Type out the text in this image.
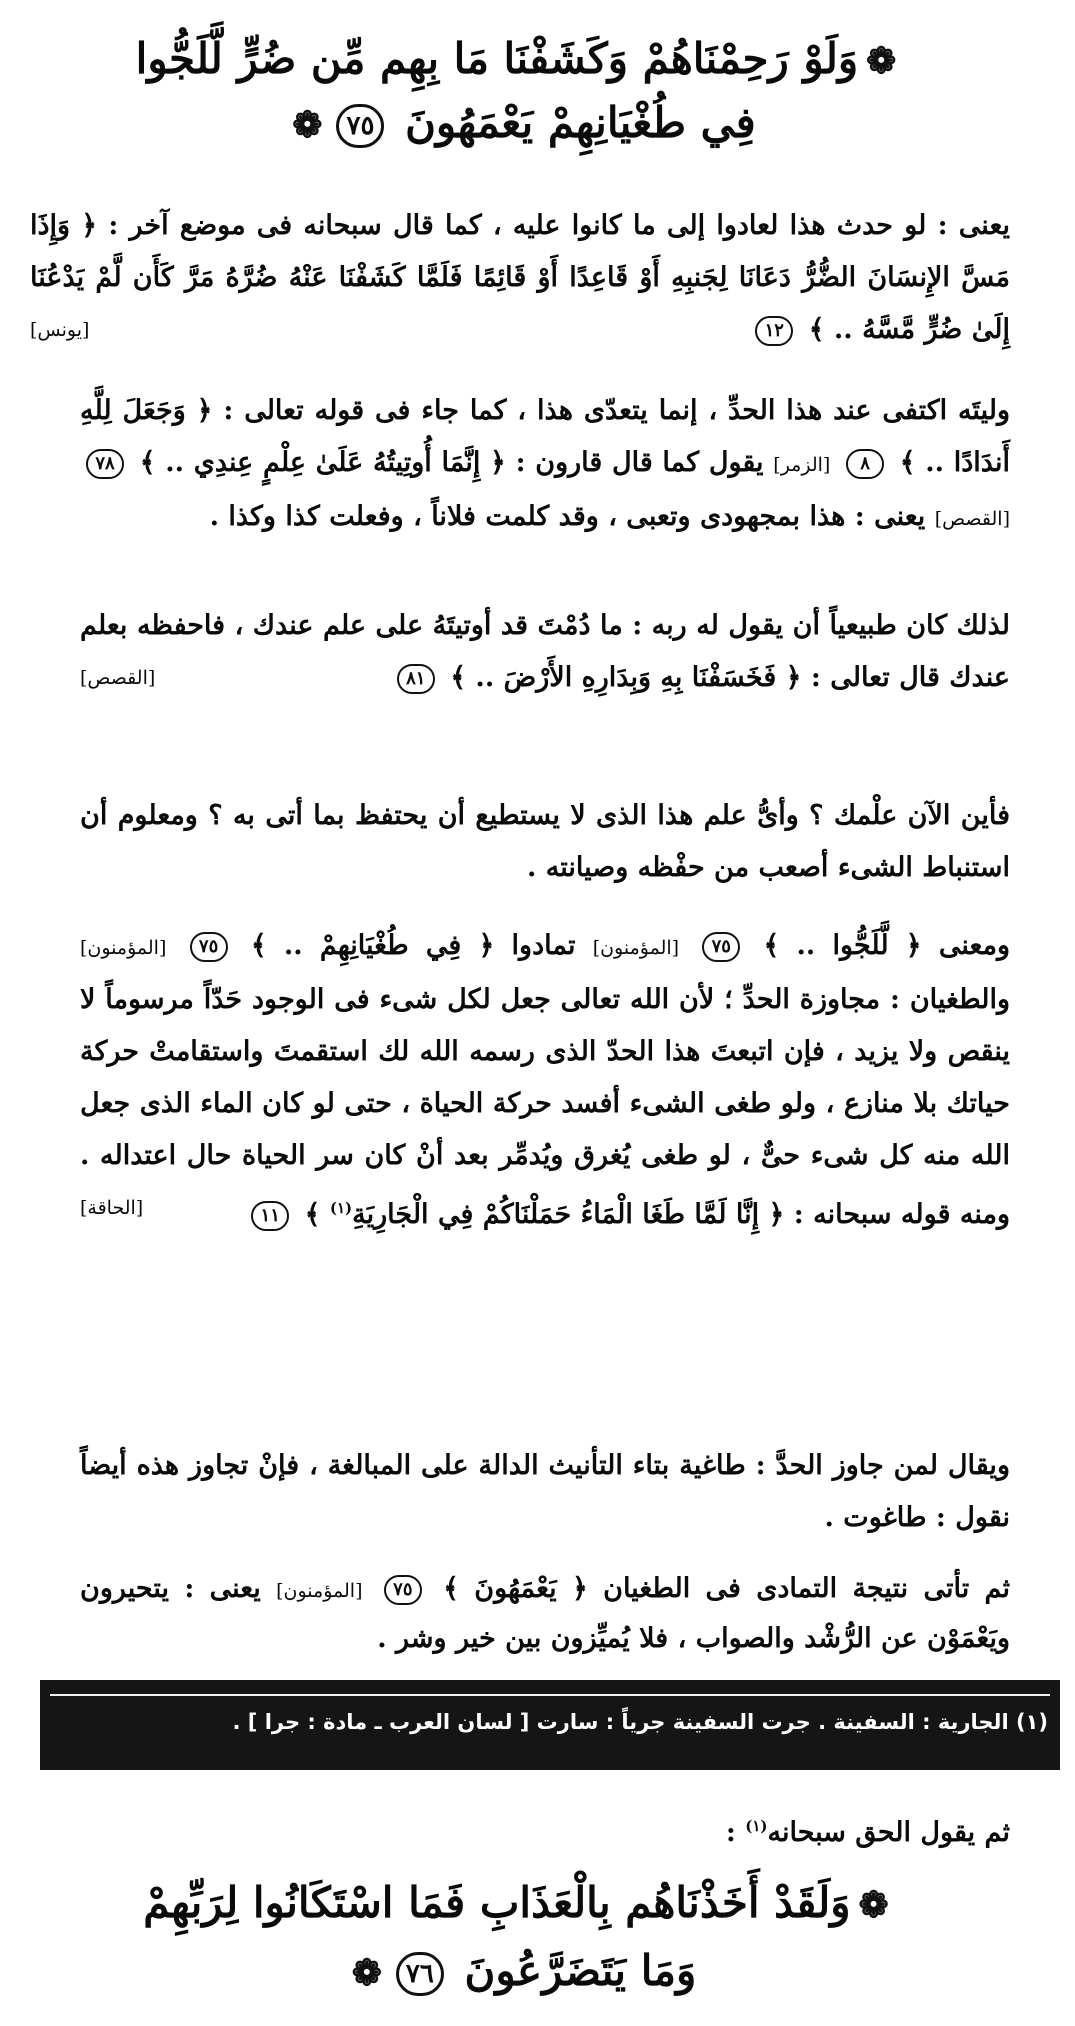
❁وَلَوْ رَحِمْنَاهُمْ وَكَشَفْنَا مَا بِهِم مِّن ضُرٍّ لَّلَجُّوا
فِي طُغْيَانِهِمْ يَعْمَهُونَ ٧٥❁
يعنى : لو حدث هذا لعادوا إلى ما كانوا عليه ، كما قال سبحانه فى موضع آخر : ﴿ وَإِذَا مَسَّ الإِنسَانَ الضُّرُّ دَعَانَا لِجَنبِهِ أَوْ قَاعِدًا أَوْ قَائِمًا فَلَمَّا كَشَفْنَا عَنْهُ ضُرَّهُ مَرَّ كَأَن لَّمْ يَدْعُنَا إِلَىٰ ضُرٍّ مَّسَّهُ .. ﴾ ١٢
[يونس]
وليتَه اكتفى عند هذا الحدِّ ، إنما يتعدّى هذا ، كما جاء فى قوله تعالى : ﴿ وَجَعَلَ لِلَّهِ أَندَادًا .. ﴾ ٨ [الزمر] يقول كما قال قارون : ﴿ إِنَّمَا أُوتِيتُهُ عَلَىٰ عِلْمٍ عِندِي .. ﴾ ٧٨ [القصص] يعنى : هذا بمجهودى وتعبى ، وقد كلمت فلاناً ، وفعلت كذا وكذا .
لذلك كان طبيعياً أن يقول له ربه : ما دُمْتَ قد أوتيتَهُ على علم عندك ، فاحفظه بعلم عندك قال تعالى : ﴿ فَخَسَفْنَا بِهِ وَبِدَارِهِ الأَرْضَ .. ﴾ ٨١
[القصص]
فأين الآن علْمك ؟ وأىُّ علم هذا الذى لا يستطيع أن يحتفظ بما أتى به ؟ ومعلوم أن استنباط الشىء أصعب من حفْظه وصيانته .
ومعنى ﴿ لَّلَجُّوا .. ﴾ ٧٥ [المؤمنون] تمادوا ﴿ فِي طُغْيَانِهِمْ .. ﴾ ٧٥ [المؤمنون] والطغيان : مجاوزة الحدِّ ؛ لأن الله تعالى جعل لكل شىء فى الوجود حَدّاً مرسوماً لا ينقص ولا يزيد ، فإن اتبعتَ هذا الحدّ الذى رسمه الله لك استقمتَ واستقامتْ حركة حياتك بلا منازع ، ولو طغى الشىء أفسد حركة الحياة ، حتى لو كان الماء الذى جعل الله منه كل شىء حىٌّ ، لو طغى يُغرق ويُدمِّر بعد أنْ كان سر الحياة حال اعتداله . ومنه قوله سبحانه : ﴿ إِنَّا لَمَّا طَغَا الْمَاءُ حَمَلْنَاكُمْ فِي الْجَارِيَةِ$^{(١)}$ ﴾ ١١
[الحاقة]
ويقال لمن جاوز الحدَّ : طاغية بتاء التأنيث الدالة على المبالغة ، فإنْ تجاوز هذه أيضاً نقول : طاغوت .
ثم تأتى نتيجة التمادى فى الطغيان ﴿ يَعْمَهُونَ ﴾ ٧٥ [المؤمنون] يعنى : يتحيرون ويَعْمَوْن عن الرُّشْد والصواب ، فلا يُميِّزون بين خير وشر .
(١) الجارية : السفينة . جرت السفينة جرياً : سارت [ لسان العرب ـ مادة : جرا ] .
ثم يقول الحق سبحانه$^{(١)}$ :
❁وَلَقَدْ أَخَذْنَاهُم بِالْعَذَابِ فَمَا اسْتَكَانُوا لِرَبِّهِمْ
وَمَا يَتَضَرَّعُونَ ٧٦❁
